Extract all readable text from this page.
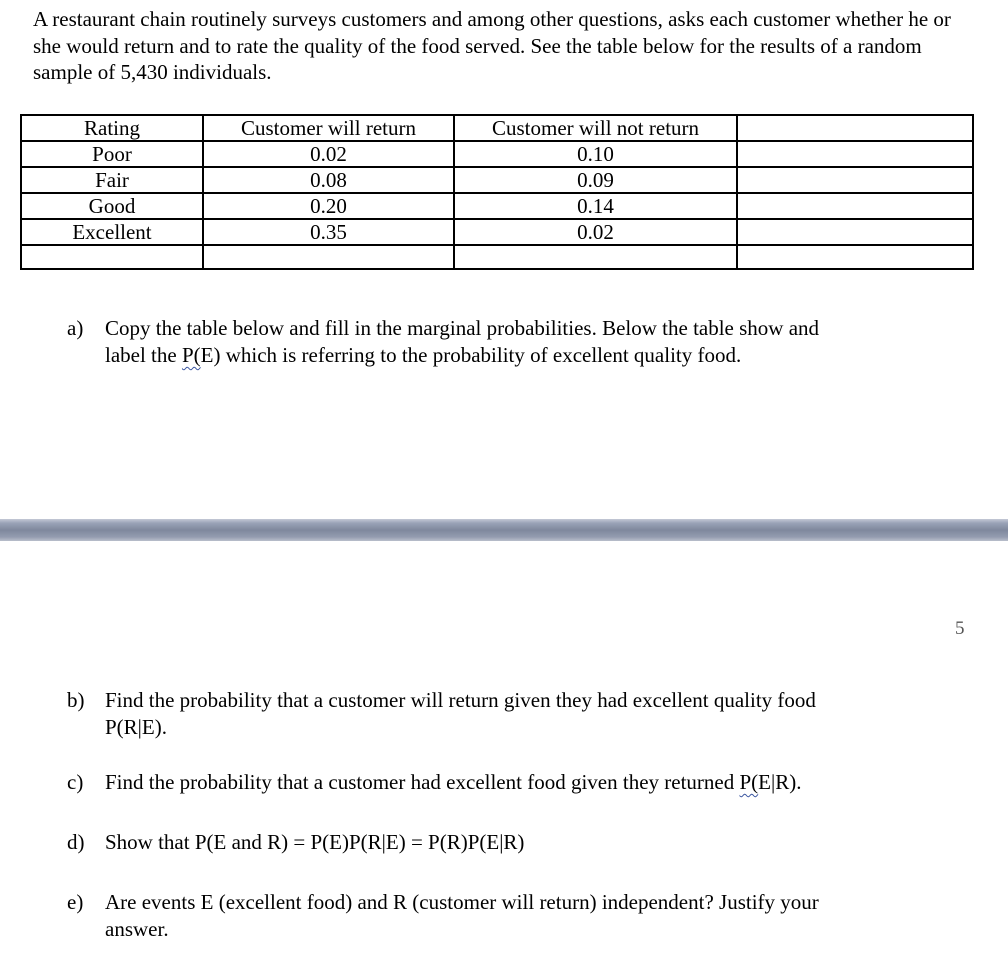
A restaurant chain routinely surveys customers and among other questions, asks each customer whether he or she would return and to rate the quality of the food served. See the table below for the results of a random sample of 5,430 individuals.
Rating	Customer will return	Customer will not return	
Poor	0.02	0.10	
Fair	0.08	0.09	
Good	0.20	0.14	
Excellent	0.35	0.02	

a) Copy the table below and fill in the marginal probabilities. Below the table show and
label the P(E) which is referring to the probability of excellent quality food.
5
b) Find the probability that a customer will return given they had excellent quality food
P(R|E).
c) Find the probability that a customer had excellent food given they returned P(E|R).
d) Show that P(E and R) = P(E)P(R|E) = P(R)P(E|R)
e) Are events E (excellent food) and R (customer will return) independent? Justify your
answer.
